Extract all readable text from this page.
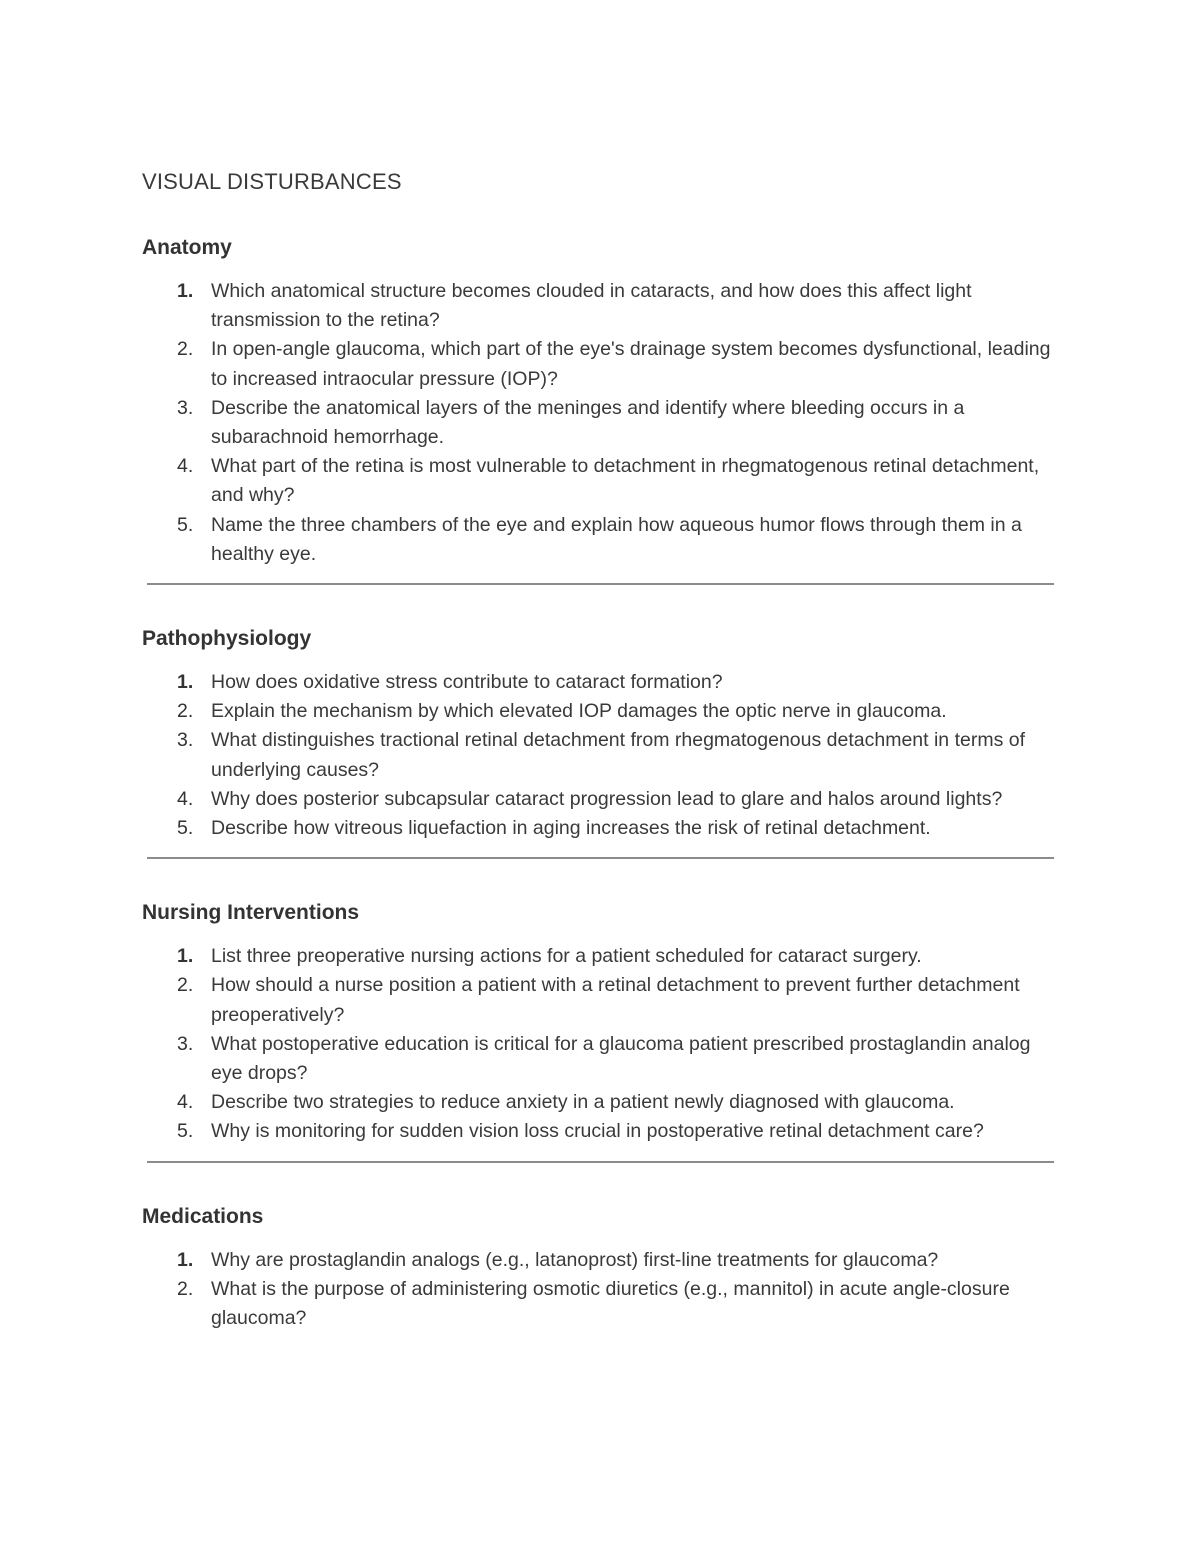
VISUAL DISTURBANCES
Anatomy
1. Which anatomical structure becomes clouded in cataracts, and how does this affect light transmission to the retina?
2. In open-angle glaucoma, which part of the eye's drainage system becomes dysfunctional, leading to increased intraocular pressure (IOP)?
3. Describe the anatomical layers of the meninges and identify where bleeding occurs in a subarachnoid hemorrhage.
4. What part of the retina is most vulnerable to detachment in rhegmatogenous retinal detachment, and why?
5. Name the three chambers of the eye and explain how aqueous humor flows through them in a healthy eye.
Pathophysiology
1. How does oxidative stress contribute to cataract formation?
2. Explain the mechanism by which elevated IOP damages the optic nerve in glaucoma.
3. What distinguishes tractional retinal detachment from rhegmatogenous detachment in terms of underlying causes?
4. Why does posterior subcapsular cataract progression lead to glare and halos around lights?
5. Describe how vitreous liquefaction in aging increases the risk of retinal detachment.
Nursing Interventions
1. List three preoperative nursing actions for a patient scheduled for cataract surgery.
2. How should a nurse position a patient with a retinal detachment to prevent further detachment preoperatively?
3. What postoperative education is critical for a glaucoma patient prescribed prostaglandin analog eye drops?
4. Describe two strategies to reduce anxiety in a patient newly diagnosed with glaucoma.
5. Why is monitoring for sudden vision loss crucial in postoperative retinal detachment care?
Medications
1. Why are prostaglandin analogs (e.g., latanoprost) first-line treatments for glaucoma?
2. What is the purpose of administering osmotic diuretics (e.g., mannitol) in acute angle-closure glaucoma?
